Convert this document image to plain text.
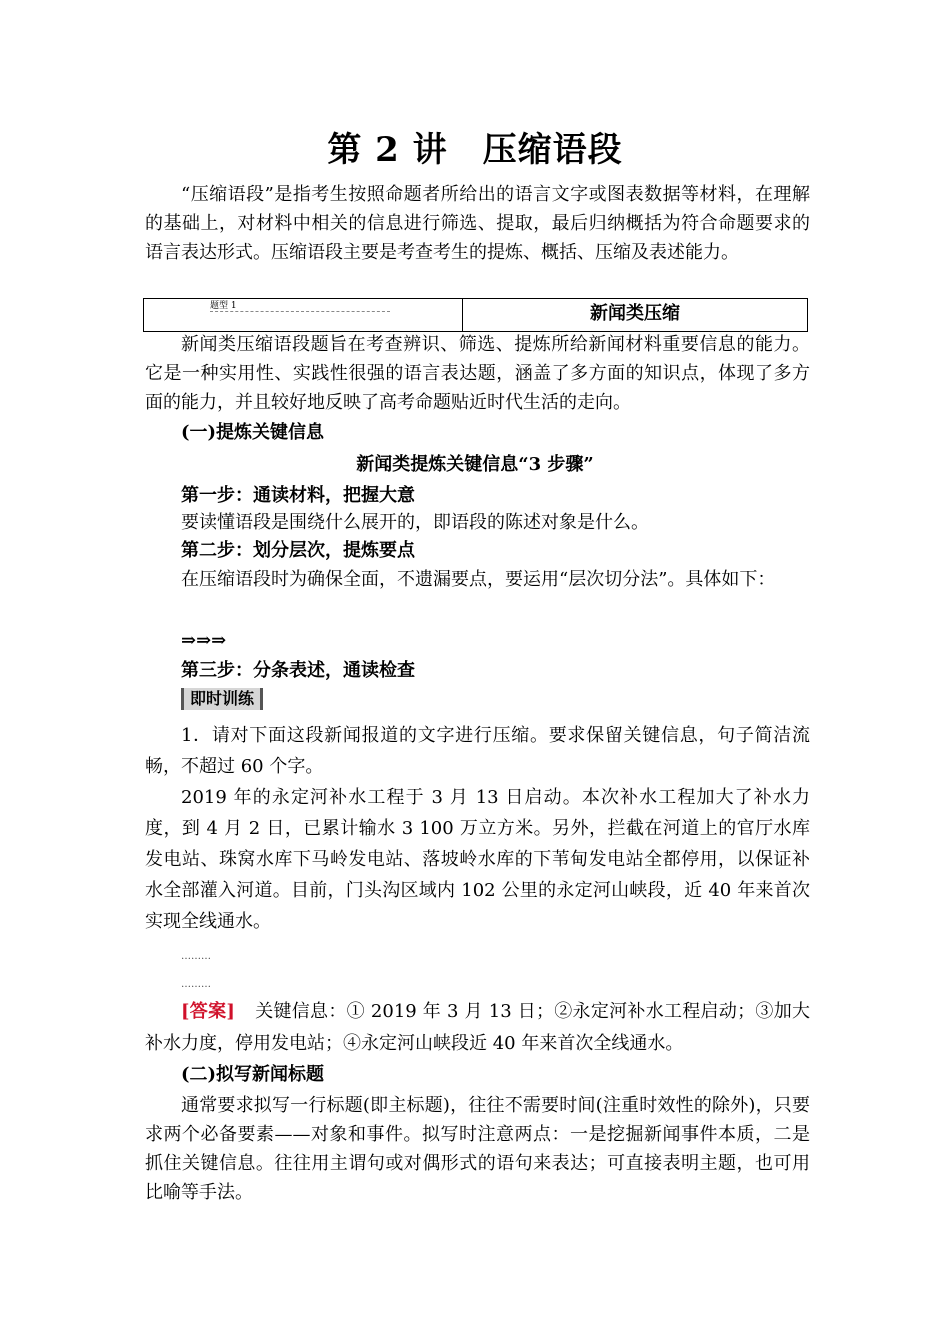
第 2 讲　压缩语段
“压缩语段”是指考生按照命题者所给出的语言文字或图表数据等材料，在理解的基础上，对材料中相关的信息进行筛选、提取，最后归纳概括为符合命题要求的语言表达形式。压缩语段主要是考查考生的提炼、概括、压缩及表述能力。
题型 1	新闻类压缩
新闻类压缩语段题旨在考查辨识、筛选、提炼所给新闻材料重要信息的能力。它是一种实用性、实践性很强的语言表达题，涵盖了多方面的知识点，体现了多方面的能力，并且较好地反映了高考命题贴近时代生活的走向。
(一)提炼关键信息
新闻类提炼关键信息“3 步骤”
第一步：通读材料，把握大意
要读懂语段是围绕什么展开的，即语段的陈述对象是什么。
第二步：划分层次，提炼要点
在压缩语段时为确保全面，不遗漏要点，要运用“层次切分法”。具体如下：
⇒⇒⇒
第三步：分条表述，通读检查
即时训练
1．请对下面这段新闻报道的文字进行压缩。要求保留关键信息，句子简洁流畅，不超过 60 个字。
2019 年的永定河补水工程于 3 月 13 日启动。本次补水工程加大了补水力度，到 4 月 2 日，已累计输水 3 100 万立方米。另外，拦截在河道上的官厅水库发电站、珠窝水库下马岭发电站、落坡岭水库的下苇甸发电站全都停用，以保证补水全部灌入河道。目前，门头沟区域内 102 公里的永定河山峡段，近 40 年来首次实现全线通水。
………
………
[答案] 关键信息：① 2019 年 3 月 13 日；②永定河补水工程启动；③加大补水力度，停用发电站；④永定河山峡段近 40 年来首次全线通水。
(二)拟写新闻标题
通常要求拟写一行标题(即主标题)，往往不需要时间(注重时效性的除外)，只要求两个必备要素——对象和事件。拟写时注意两点：一是挖掘新闻事件本质，二是抓住关键信息。往往用主谓句或对偶形式的语句来表达；可直接表明主题，也可用比喻等手法。
